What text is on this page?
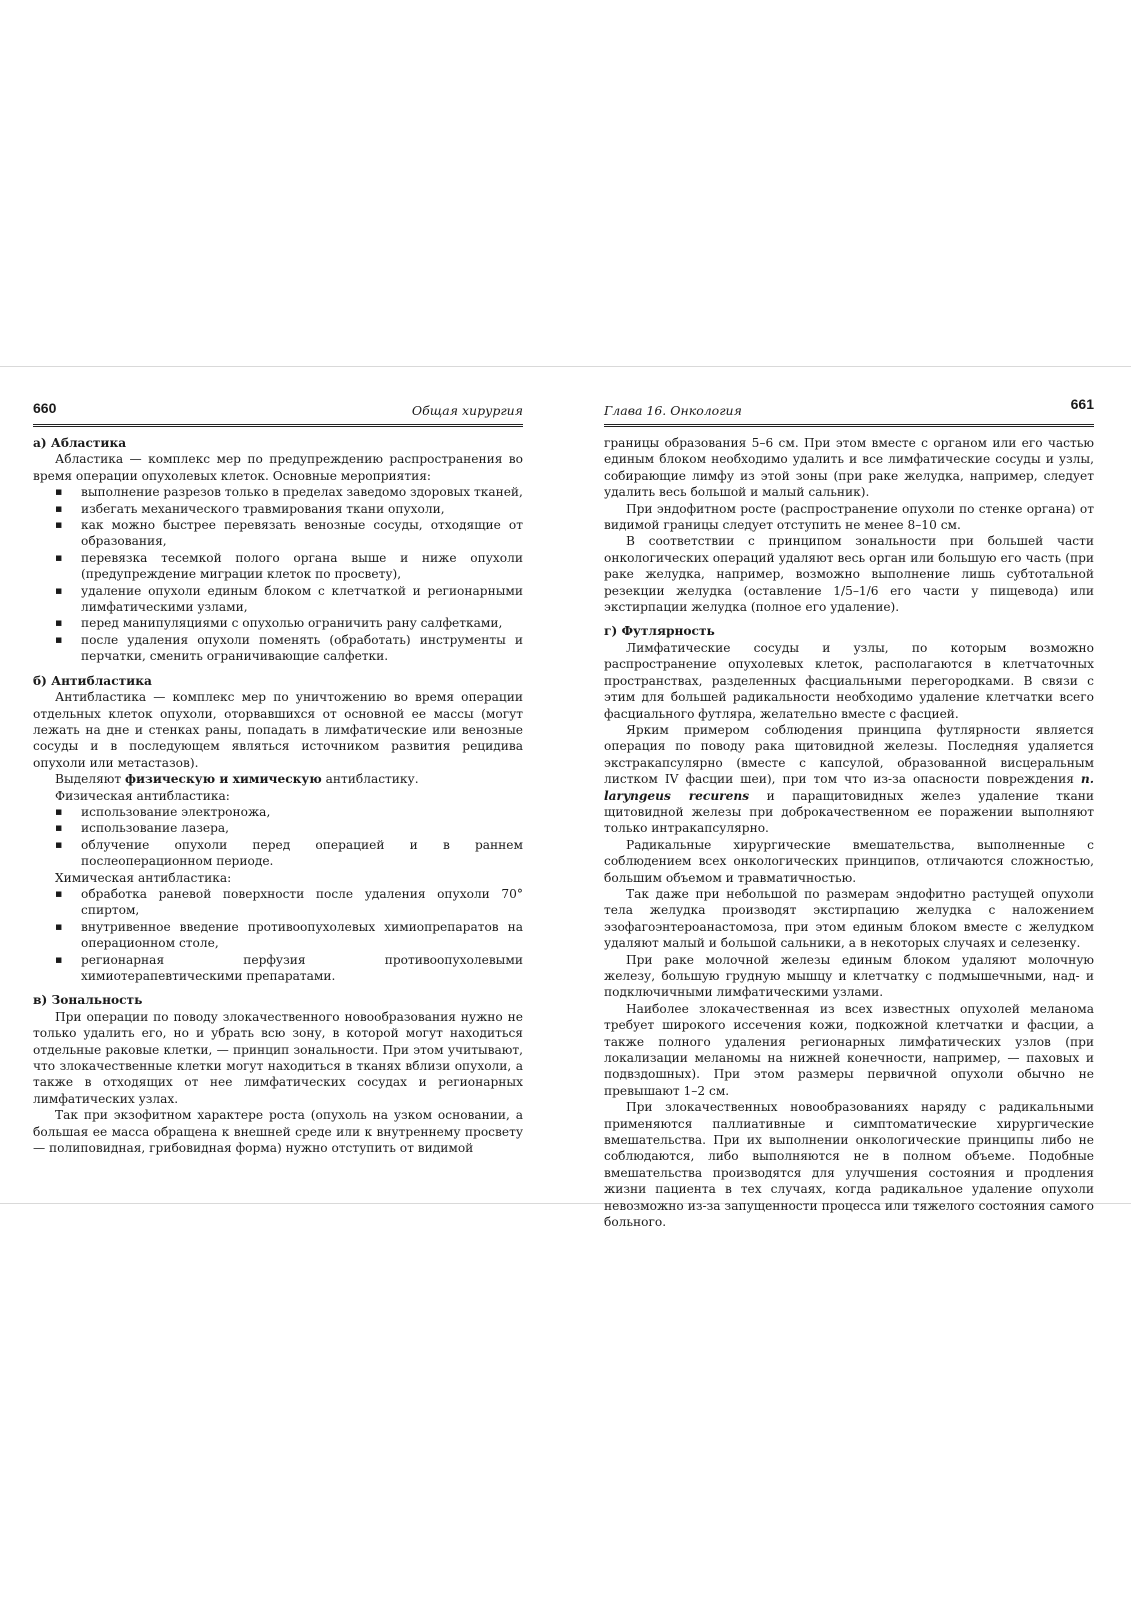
660	Общая хирургия

а) Абластика

Абластика — комплекс мер по предупреждению распространения во время операции опухолевых клеток. Основные мероприятия:

▪ выполнение разрезов только в пределах заведомо здоровых тканей,
▪ избегать механического травмирования ткани опухоли,
▪ как можно быстрее перевязать венозные сосуды, отходящие от образования,
▪ перевязка тесемкой полого органа выше и ниже опухоли (предупреждение миграции клеток по просвету),
▪ удаление опухоли единым блоком с клетчаткой и регионарными лимфатическими узлами,
▪ перед манипуляциями с опухолью ограничить рану салфетками,
▪ после удаления опухоли поменять (обработать) инструменты и перчатки, сменить ограничивающие салфетки.

б) Антибластика

Антибластика — комплекс мер по уничтожению во время операции отдельных клеток опухоли, оторвавшихся от основной ее массы (могут лежать на дне и стенках раны, попадать в лимфатические или венозные сосуды и в последующем являться источником развития рецидива опухоли или метастазов).

Выделяют физическую и химическую антибластику.

Физическая антибластика:

▪ использование электроножа,
▪ использование лазера,
▪ облучение опухоли перед операцией и в раннем послеоперационном периоде.

Химическая антибластика:

▪ обработка раневой поверхности после удаления опухоли 70° спиртом,
▪ внутривенное введение противоопухолевых химиопрепаратов на операционном столе,
▪ регионарная перфузия противоопухолевыми химиотерапевтическими препаратами.

в) Зональность

При операции по поводу злокачественного новообразования нужно не только удалить его, но и убрать всю зону, в которой могут находиться отдельные раковые клетки, — принцип зональности. При этом учитывают, что злокачественные клетки могут находиться в тканях вблизи опухоли, а также в отходящих от нее лимфатических сосудах и регионарных лимфатических узлах.

Так при экзофитном характере роста (опухоль на узком основании, а большая ее масса обращена к внешней среде или к внутреннему просвету — полиповидная, грибовидная форма) нужно отступить от видимой

Глава 16. Онкология	661

границы образования 5–6 см. При этом вместе с органом или его частью единым блоком необходимо удалить и все лимфатические сосуды и узлы, собирающие лимфу из этой зоны (при раке желудка, например, следует удалить весь большой и малый сальник).

При эндофитном росте (распространение опухоли по стенке органа) от видимой границы следует отступить не менее 8–10 см.

В соответствии с принципом зональности при большей части онкологических операций удаляют весь орган или большую его часть (при раке желудка, например, возможно выполнение лишь субтотальной резекции желудка (оставление 1/5–1/6 его части у пищевода) или экстирпации желудка (полное его удаление).

г) Футлярность

Лимфатические сосуды и узлы, по которым возможно распространение опухолевых клеток, располагаются в клетчаточных пространствах, разделенных фасциальными перегородками. В связи с этим для большей радикальности необходимо удаление клетчатки всего фасциального футляра, желательно вместе с фасцией.

Ярким примером соблюдения принципа футлярности является операция по поводу рака щитовидной железы. Последняя удаляется экстракапсулярно (вместе с капсулой, образованной висцеральным листком IV фасции шеи), при том что из-за опасности повреждения n. laryngeus recurens и паращитовидных желез удаление ткани щитовидной железы при доброкачественном ее поражении выполняют только интракапсулярно.

Радикальные хирургические вмешательства, выполненные с соблюдением всех онкологических принципов, отличаются сложностью, большим объемом и травматичностью.

Так даже при небольшой по размерам эндофитно растущей опухоли тела желудка производят экстирпацию желудка с наложением эзофагоэнтероанастомоза, при этом единым блоком вместе с желудком удаляют малый и большой сальники, а в некоторых случаях и селезенку.

При раке молочной железы единым блоком удаляют молочную железу, большую грудную мышцу и клетчатку с подмышечными, над- и подключичными лимфатическими узлами.

Наиболее злокачественная из всех известных опухолей меланома требует широкого иссечения кожи, подкожной клетчатки и фасции, а также полного удаления регионарных лимфатических узлов (при локализации меланомы на нижней конечности, например, — паховых и подвздошных). При этом размеры первичной опухоли обычно не превышают 1–2 см.

При злокачественных новообразованиях наряду с радикальными применяются паллиативные и симптоматические хирургические вмешательства. При их выполнении онкологические принципы либо не соблюдаются, либо выполняются не в полном объеме. Подобные вмешательства производятся для улучшения состояния и продления жизни пациента в тех случаях, когда радикальное удаление опухоли невозможно из-за запущенности процесса или тяжелого состояния самого больного.
